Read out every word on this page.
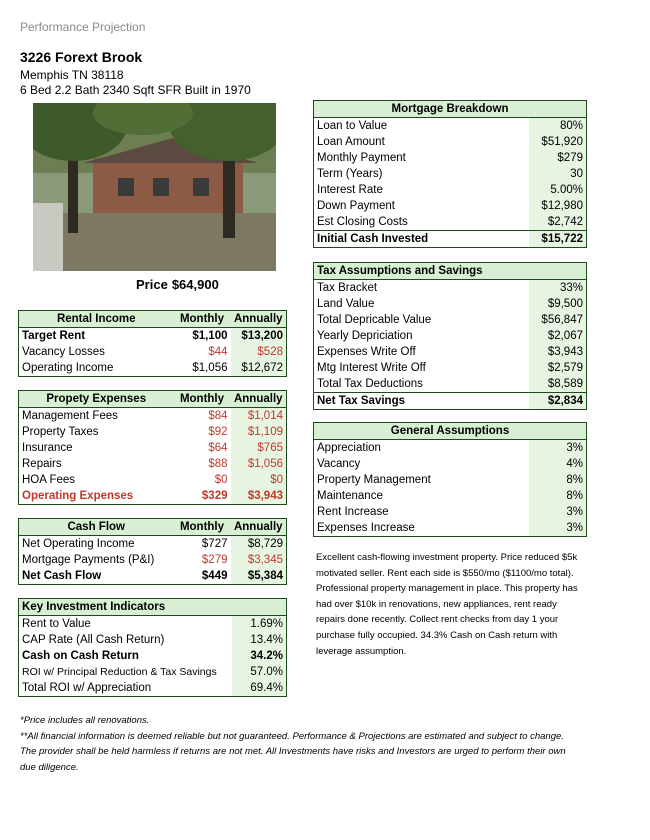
Performance Projection
3226 Forext Brook
Memphis TN 38118
6 Bed 2.2 Bath 2340 Sqft SFR Built in 1970
Price $64,900
Rental Income	Monthly	Annually
Target Rent	$1,100	$13,200
Vacancy Losses	$44	$528
Operating Income	$1,056	$12,672
Propety Expenses	Monthly	Annually
Management Fees	$84	$1,014
Property Taxes	$92	$1,109
Insurance	$64	$765
Repairs	$88	$1,056
HOA Fees	$0	$0
Operating Expenses	$329	$3,943
Cash Flow	Monthly	Annually
Net Operating Income	$727	$8,729
Mortgage Payments (P&I)	$279	$3,345
Net Cash Flow	$449	$5,384
Key Investment Indicators	
Rent to Value	1.69%
CAP Rate (All Cash Return)	13.4%
Cash on Cash Return	34.2%
ROI w/ Principal Reduction & Tax Savings	57.0%
Total ROI w/ Appreciation	69.4%
Mortgage Breakdown	
Loan to Value	80%
Loan Amount	$51,920
Monthly Payment	$279
Term (Years)	30
Interest Rate	5.00%
Down Payment	$12,980
Est Closing Costs	$2,742
Initial Cash Invested	$15,722
Tax Assumptions and Savings	
Tax Bracket	33%
Land Value	$9,500
Total Depricable Value	$56,847
Yearly Depriciation	$2,067
Expenses Write Off	$3,943
Mtg Interest Write Off	$2,579
Total Tax Deductions	$8,589
Net Tax Savings	$2,834
General Assumptions	
Appreciation	3%
Vacancy	4%
Property Management	8%
Maintenance	8%
Rent Increase	3%
Expenses Increase	3%
Excellent cash-flowing investment property. Price reduced $5k motivated seller. Rent each side is $550/mo ($1100/mo total). Professional property management in place. This property has had over $10k in renovations, new appliances, rent ready repairs done recently. Collect rent checks from day 1 your purchase fully occupied. 34.3% Cash on Cash return with leverage assumption.
*Price includes all renovations.
**All financial information is deemed reliable but not guaranteed. Performance & Projections are estimated and subject to change. The provider shall be held harmless if returns are not met. All Investments have risks and Investors are urged to perform their own due diligence.
